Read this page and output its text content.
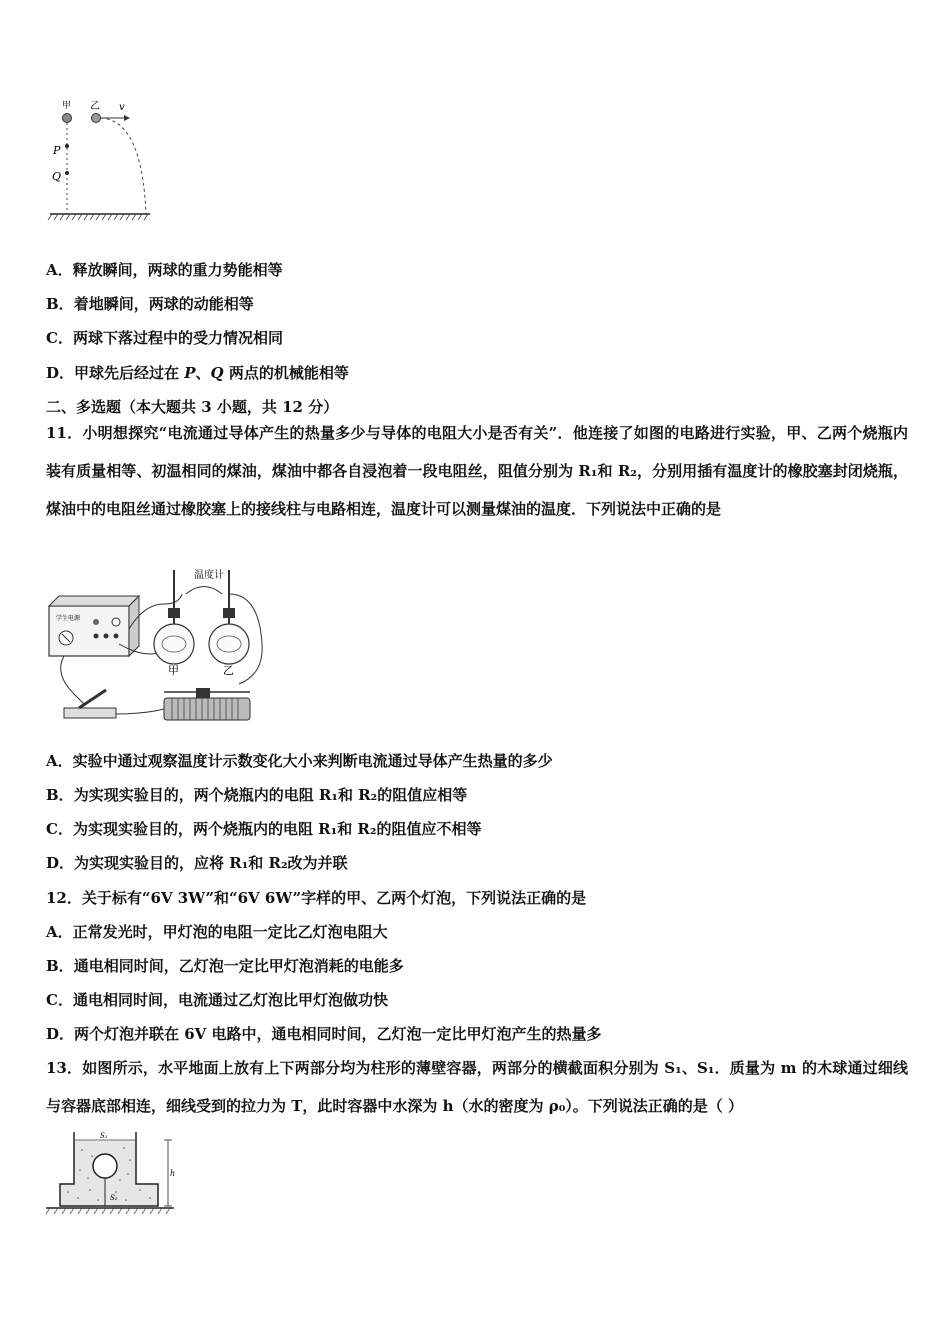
甲 乙 v
P
Q
A．释放瞬间，两球的重力势能相等
B．着地瞬间，两球的动能相等
C．两球下落过程中的受力情况相同
D．甲球先后经过在 P、Q 两点的机械能相等
二、多选题（本大题共 3 小题，共 12 分）
11．小明想探究“电流通过导体产生的热量多少与导体的电阻大小是否有关”．他连接了如图的电路进行实验，甲、乙两个烧瓶内装有质量相等、初温相同的煤油，煤油中都各自浸泡着一段电阻丝，阻值分别为 R₁和 R₂，分别用插有温度计的橡胶塞封闭烧瓶，煤油中的电阻丝通过橡胶塞上的接线柱与电路相连，温度计可以测量煤油的温度．下列说法中正确的是
学生电源
温度计
甲	乙
A．实验中通过观察温度计示数变化大小来判断电流通过导体产生热量的多少
B．为实现实验目的，两个烧瓶内的电阻 R₁和 R₂的阻值应相等
C．为实现实验目的，两个烧瓶内的电阻 R₁和 R₂的阻值应不相等
D．为实现实验目的，应将 R₁和 R₂改为并联
12．关于标有“6V 3W”和“6V 6W”字样的甲、乙两个灯泡，下列说法正确的是
A．正常发光时，甲灯泡的电阻一定比乙灯泡电阻大
B．通电相同时间，乙灯泡一定比甲灯泡消耗的电能多
C．通电相同时间，电流通过乙灯泡比甲灯泡做功快
D．两个灯泡并联在 6V 电路中，通电相同时间，乙灯泡一定比甲灯泡产生的热量多
13．如图所示，水平地面上放有上下两部分均为柱形的薄壁容器，两部分的横截面积分别为 S₁、S₁．质量为 m 的木球通过细线与容器底部相连，细线受到的拉力为 T，此时容器中水深为 h（水的密度为 ρ₀）。下列说法正确的是（ ）
S₁
S₂
h
